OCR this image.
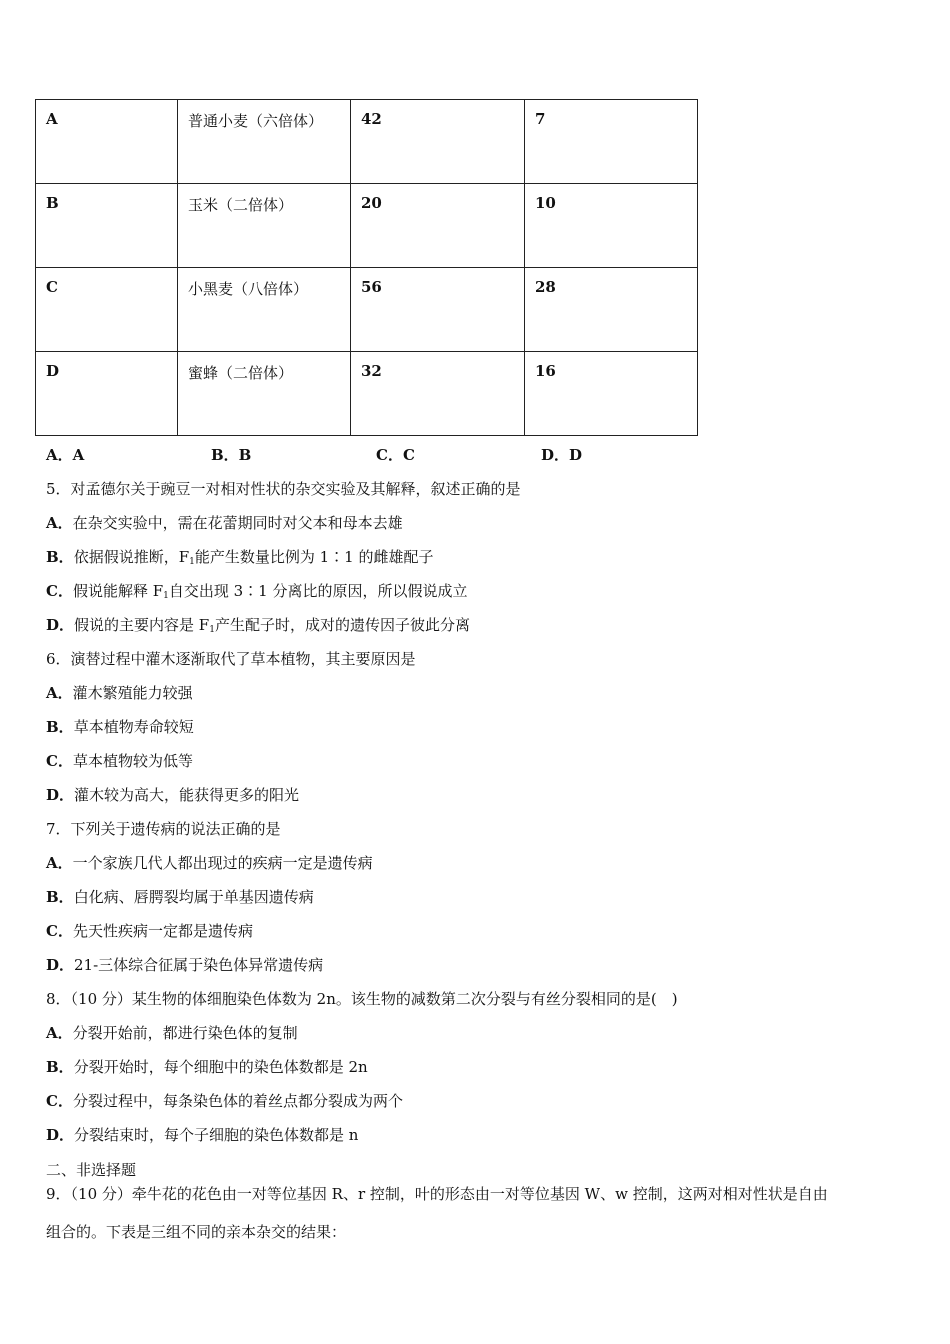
A	普通小麦（六倍体）	42	7
B	玉米（二倍体）	20	10
C	小黑麦（八倍体）	56	28
D	蜜蜂（二倍体）	32	16
A．A	B．B	C．C	D．D
5．对孟德尔关于豌豆一对相对性状的杂交实验及其解释，叙述正确的是
A．在杂交实验中，需在花蕾期同时对父本和母本去雄
B．依据假说推断，$F_1$能产生数量比例为 1∶1 的雌雄配子
C．假说能解释 $F_1$自交出现 3∶1 分离比的原因，所以假说成立
D．假说的主要内容是 $F_1$产生配子时，成对的遗传因子彼此分离
6．演替过程中灌木逐渐取代了草本植物，其主要原因是
A．灌木繁殖能力较强
B．草本植物寿命较短
C．草本植物较为低等
D．灌木较为高大，能获得更多的阳光
7．下列关于遗传病的说法正确的是
A．一个家族几代人都出现过的疾病一定是遗传病
B．白化病、唇腭裂均属于单基因遗传病
C．先天性疾病一定都是遗传病
D．21-三体综合征属于染色体异常遗传病
8．（10 分）某生物的体细胞染色体数为 2n。该生物的减数第二次分裂与有丝分裂相同的是(　)
A．分裂开始前，都进行染色体的复制
B．分裂开始时，每个细胞中的染色体数都是 2n
C．分裂过程中，每条染色体的着丝点都分裂成为两个
D．分裂结束时，每个子细胞的染色体数都是 n
二、非选择题
9．（10 分）牵牛花的花色由一对等位基因 R、r 控制，叶的形态由一对等位基因 W、w 控制，这两对相对性状是自由
组合的。下表是三组不同的亲本杂交的结果：
